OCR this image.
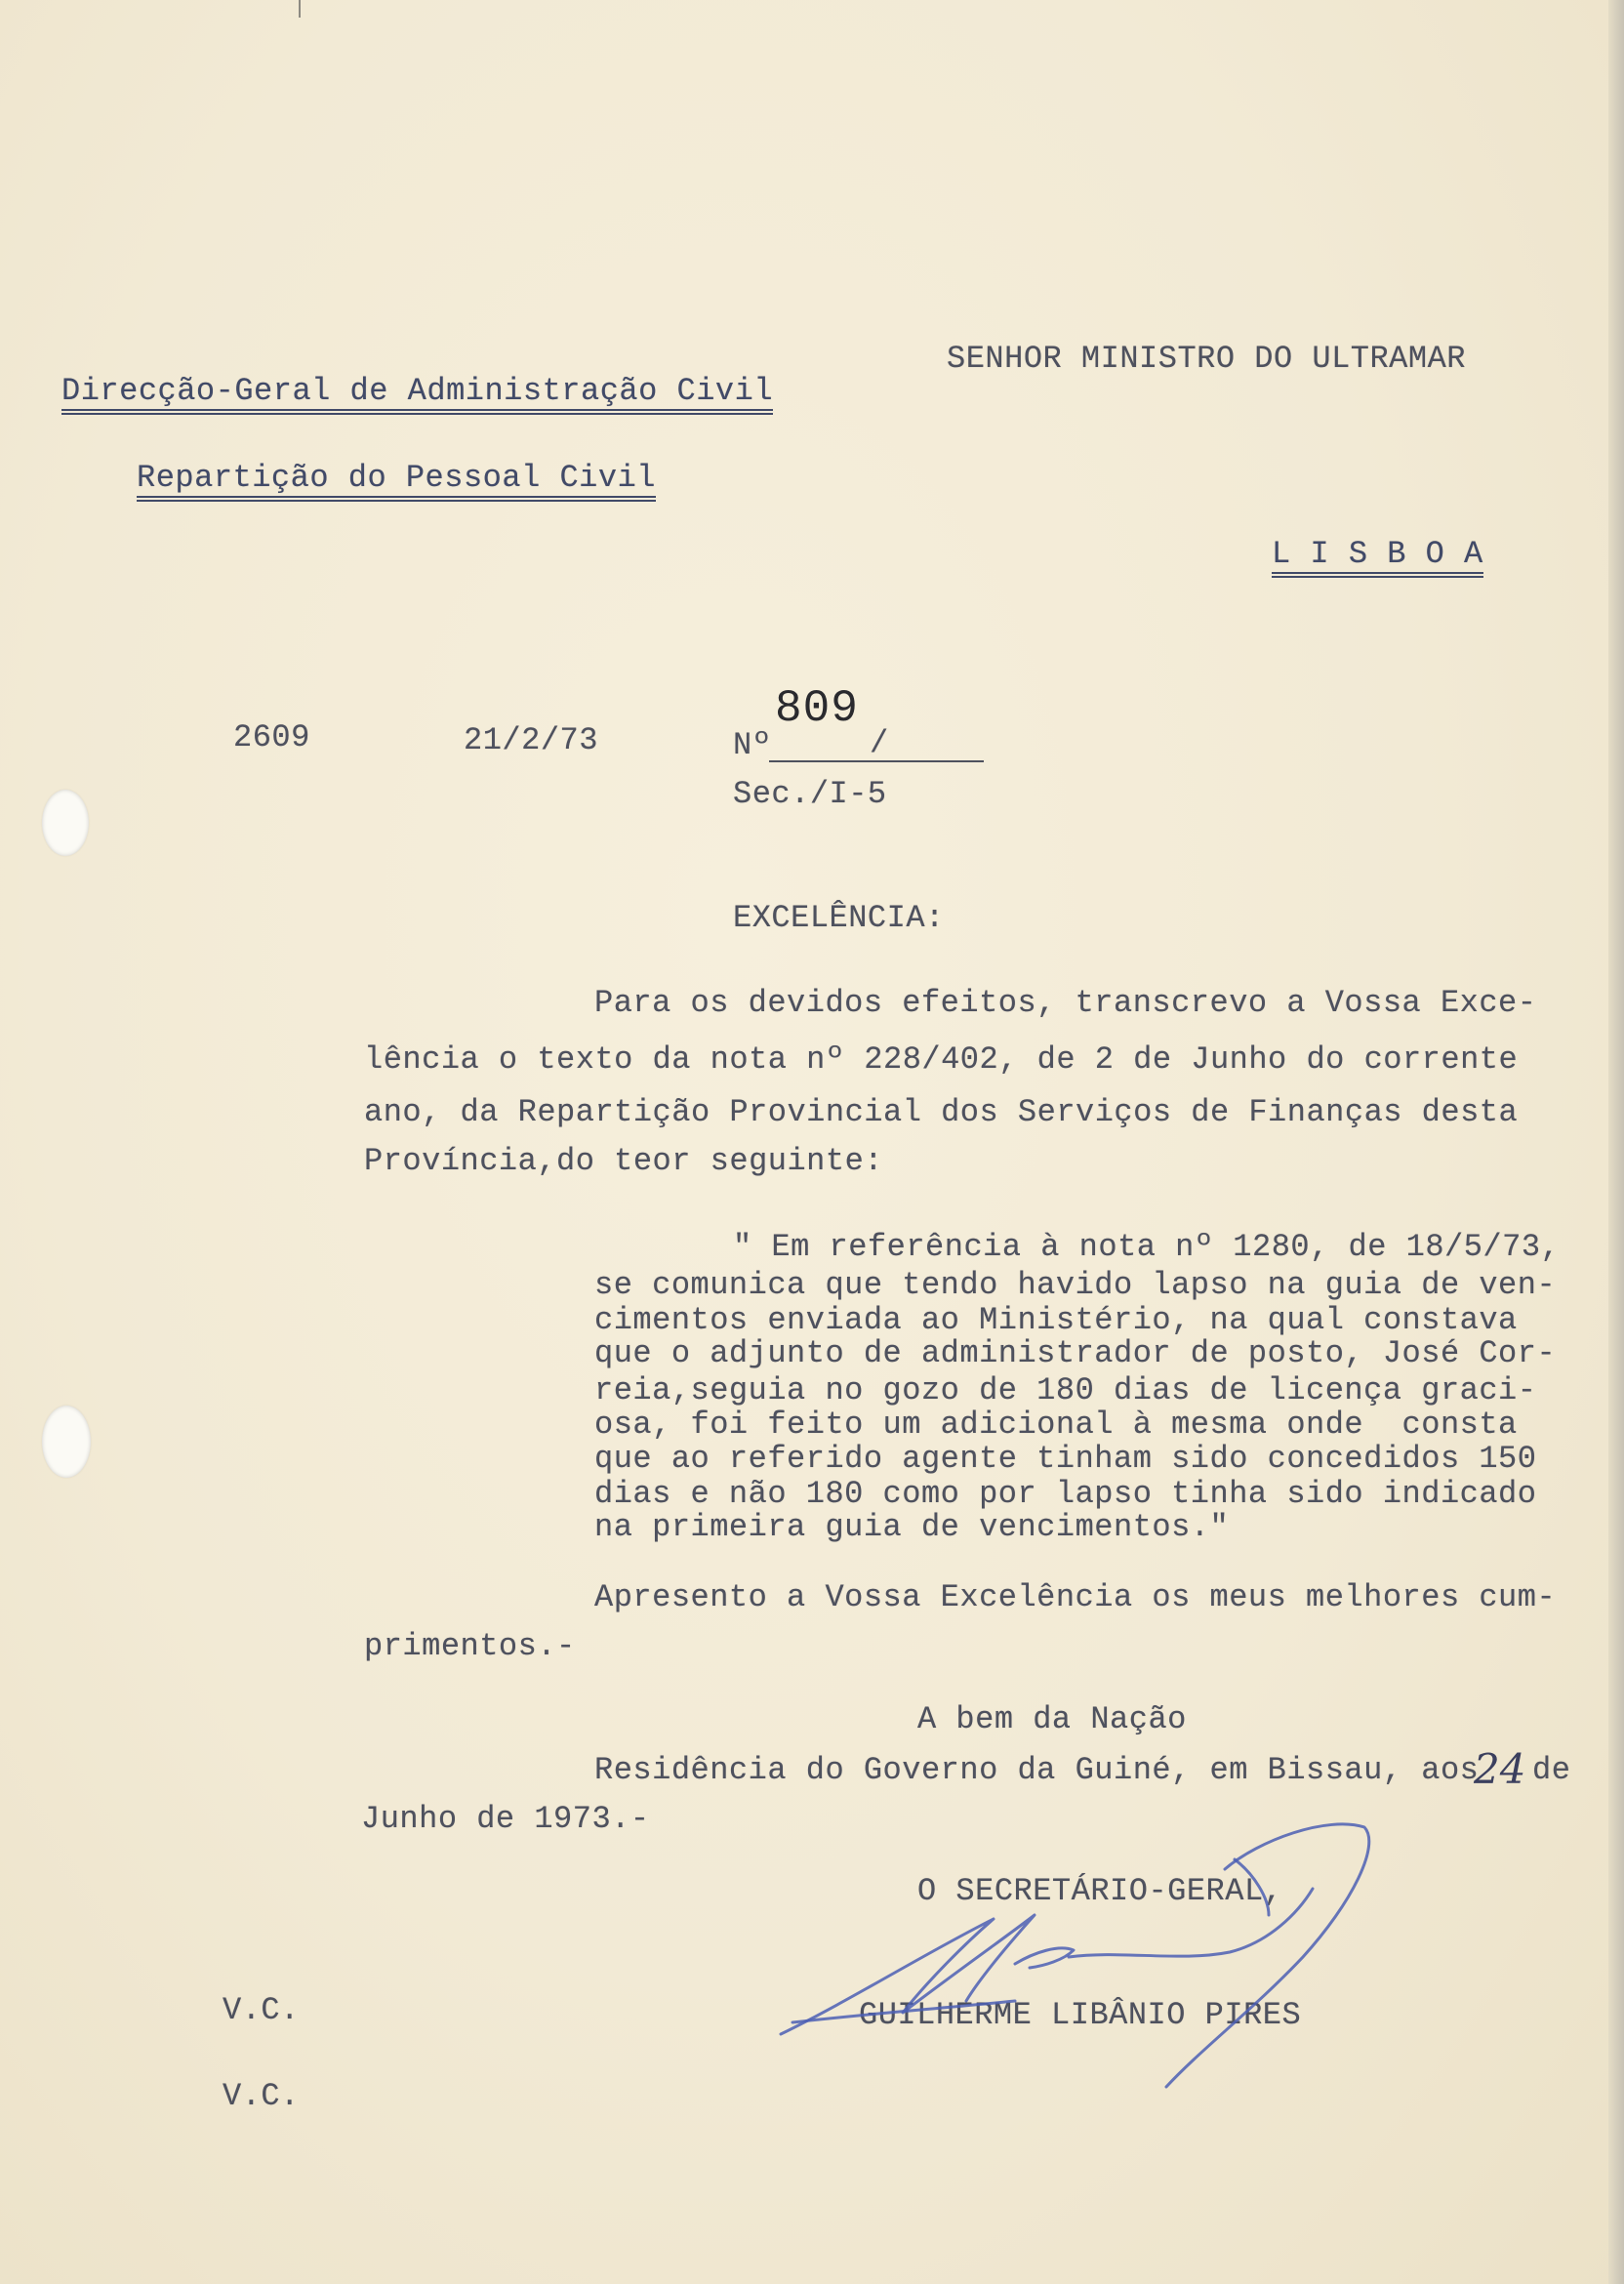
SENHOR MINISTRO DO ULTRAMAR
Direcção-Geral de Administração Civil
Repartição do Pessoal Civil
L I S B O A
2609	21/2/73	Nº
809
/
Sec./I-5
EXCELÊNCIA:
Para os devidos efeitos, transcrevo a Vossa Exce-
lência o texto da nota nº 228/402, de 2 de Junho do corrente
ano, da Repartição Provincial dos Serviços de Finanças desta
Província,do teor seguinte:
" Em referência à nota nº 1280, de 18/5/73,
se comunica que tendo havido lapso na guia de ven-
cimentos enviada ao Ministério, na qual constava
que o adjunto de administrador de posto, José Cor-
reia,seguia no gozo de 180 dias de licença graci-
osa, foi feito um adicional à mesma onde  consta
que ao referido agente tinham sido concedidos 150
dias e não 180 como por lapso tinha sido indicado
na primeira guia de vencimentos."
Apresento a Vossa Excelência os meus melhores cum-
primentos.-
A bem da Nação
Residência do Governo da Guiné, em Bissau, aos
24 de
Junho de 1973.-
O SECRETÁRIO-GERAL,
GUILHERME LIBÂNIO PIRES
V.C.
V.C.
